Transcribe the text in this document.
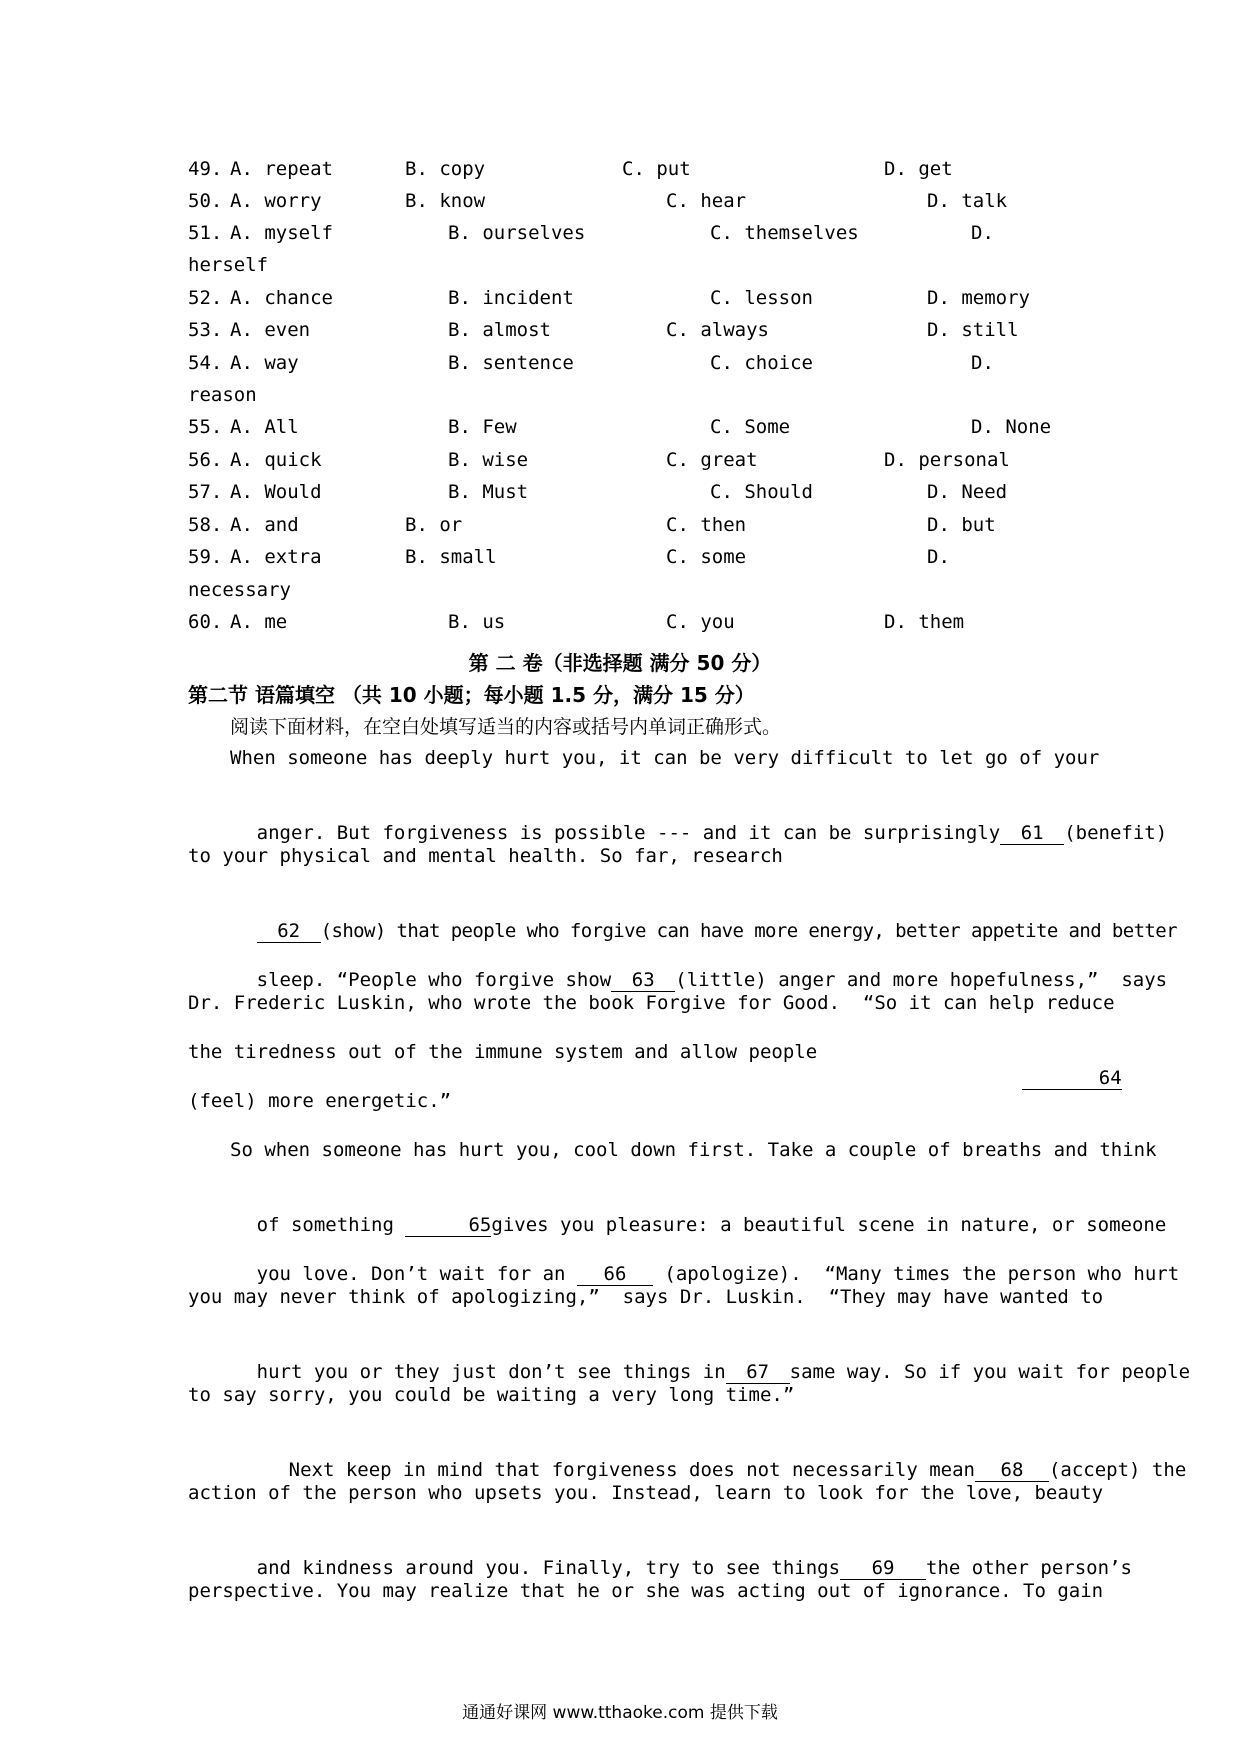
49. A. repeat	B. copy	C. put	D. get
50. A. worry	B. know	C. hear	D. talk
51. A. myself	B. ourselves	C. themselves	D.
herself
52. A. chance	B. incident	C. lesson	D. memory
53. A. even	B. almost	C. always	D. still
54. A. way	B. sentence	C. choice	D.
reason
55. A. All	B. Few	C. Some	D. None
56. A. quick	B. wise	C. great	D. personal
57. A. Would	B. Must	C. Should	D. Need
58. A. and	B. or	C. then	D. but
59. A. extra	B. small	C. some	D.
necessary
60. A. me	B. us	C. you	D. them
第 二 卷（非选择题 满分 50 分）
第二节 语篇填空 （共 10 小题；每小题 1.5 分，满分 15 分）
阅读下面材料，在空白处填写适当的内容或括号内单词正确形式。
When someone has deeply hurt you, it can be very difficult to let go of your

anger. But forgiveness is possible --- and it can be surprisingly 61 (benefit)

to your physical and mental health. So far, research

62 (show) that people who forgive can have more energy, better appetite and better

sleep. “People who forgive show 63 (little) anger and more hopefulness,”  says

Dr. Frederic Luskin, who wrote the book Forgive for Good.  “So it can help reduce
the tiredness out of the immune system and allow people

64

(feel) more energetic.”
So when someone has hurt you, cool down first. Take a couple of breaths and think

of something	65gives you pleasure: a beautiful scene in nature, or someone

you love. Don’t wait for an 66 (apologize).  “Many times the person who hurt

you may never think of apologizing,”  says Dr. Luskin.  “They may have wanted to

hurt you or they just don’t see things in 67 same way. So if you wait for people

to say sorry, you could be waiting a very long time.”

Next keep in mind that forgiveness does not necessarily mean 68 (accept) the

action of the person who upsets you. Instead, learn to look for the love, beauty

and kindness around you. Finally, try to see things 69 the other person’s

perspective. You may realize that he or she was acting out of ignorance. To gain
通通好课网 www.tthaoke.com 提供下载
